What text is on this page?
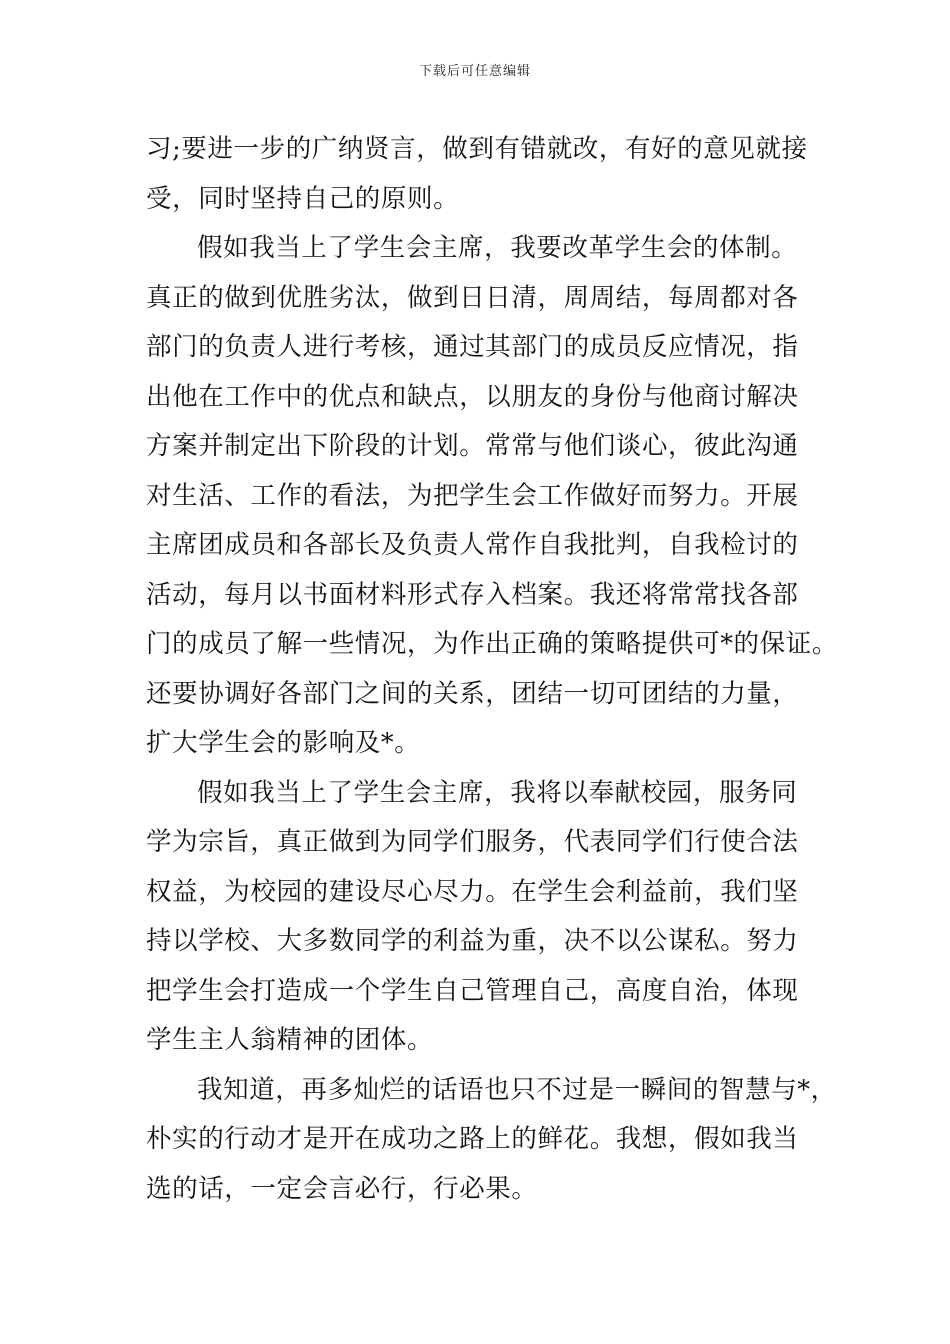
下载后可任意编辑
习;要进一步的广纳贤言，做到有错就改，有好的意见就接
受，同时坚持自己的原则。
假如我当上了学生会主席，我要改革学生会的体制。
真正的做到优胜劣汰，做到日日清，周周结，每周都对各
部门的负责人进行考核，通过其部门的成员反应情况，指
出他在工作中的优点和缺点，以朋友的身份与他商讨解决
方案并制定出下阶段的计划。常常与他们谈心，彼此沟通
对生活、工作的看法，为把学生会工作做好而努力。开展
主席团成员和各部长及负责人常作自我批判，自我检讨的
活动，每月以书面材料形式存入档案。我还将常常找各部
门的成员了解一些情况，为作出正确的策略提供可*的保证。
还要协调好各部门之间的关系，团结一切可团结的力量，
扩大学生会的影响及*。
假如我当上了学生会主席，我将以奉献校园，服务同
学为宗旨，真正做到为同学们服务，代表同学们行使合法
权益，为校园的建设尽心尽力。在学生会利益前，我们坚
持以学校、大多数同学的利益为重，决不以公谋私。努力
把学生会打造成一个学生自己管理自己，高度自治，体现
学生主人翁精神的团体。
我知道，再多灿烂的话语也只不过是一瞬间的智慧与*，
朴实的行动才是开在成功之路上的鲜花。我想，假如我当
选的话，一定会言必行，行必果。
